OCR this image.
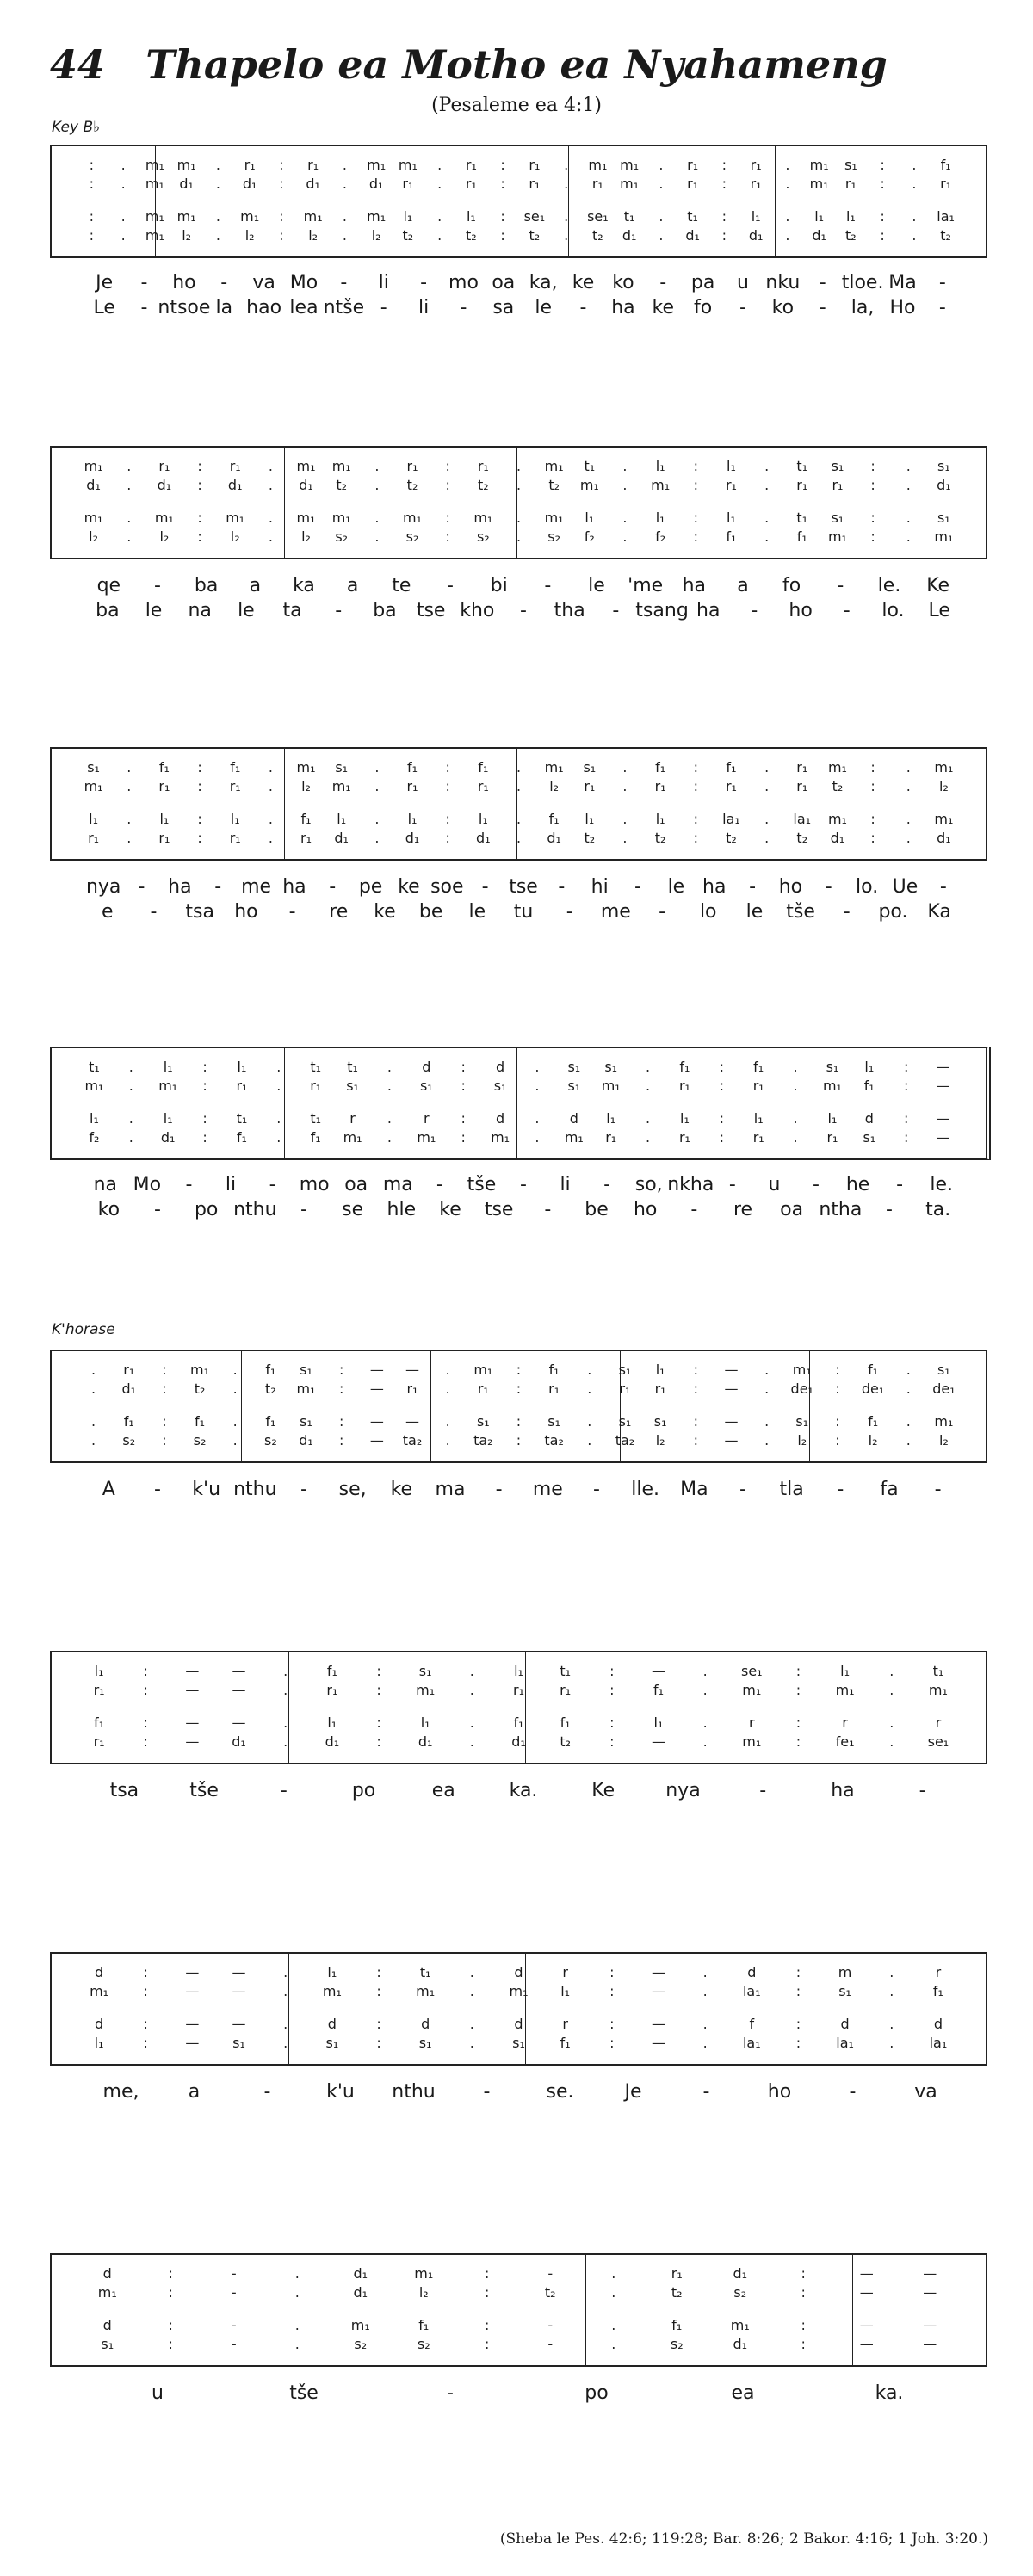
44	Thapelo ea Motho ea Nyahameng
(Pesaleme ea 4:1)
Key B♭
K'horase
: . m₁ m₁ . r₁ : r₁ . m₁ m₁ . r₁ : r₁ . m₁ m₁ . r₁ : r₁ . m₁ s₁ : . f₁
: . m₁ d₁ . d₁ : d₁ . d₁ r₁ . r₁ : r₁ . r₁ m₁ . r₁ : r₁ . m₁ r₁ : . r₁
: . m₁ m₁ . m₁ : m₁ . m₁ l₁ . l₁ : se₁ . se₁ t₁ . t₁ : l₁ . l₁ l₁ : . la₁
: . m₁ l₂ . l₂ : l₂ . l₂ t₂ . t₂ : t₂ . t₂ d₁ . d₁ : d₁ . d₁ t₂ : . t₂
Je - ho - va Mo - li - mo oa ka, ke ko - pa u nku - tloe. Ma -
Le - ntsoe la hao lea ntše - li - sa le - ha ke fo - ko - la, Ho -
m₁ . r₁ : r₁ . m₁ m₁ . r₁ : r₁ . m₁ t₁ . l₁ : l₁ . t₁ s₁ : . s₁
d₁ . d₁ : d₁ . d₁ t₂ . t₂ : t₂ . t₂ m₁ . m₁ : r₁ . r₁ r₁ : . d₁
m₁ . m₁ : m₁ . m₁ m₁ . m₁ : m₁ . m₁ l₁ . l₁ : l₁ . t₁ s₁ : . s₁
l₂ . l₂ : l₂ . l₂ s₂ . s₂ : s₂ . s₂ f₂ . f₂ : f₁ . f₁ m₁ : . m₁
qe - ba a ka a te - bi - le 'me ha a fo - le. Ke
ba le na le ta - ba tse kho - tha - tsang ha - ho - lo. Le
s₁ . f₁ : f₁ . m₁ s₁ . f₁ : f₁ . m₁ s₁ . f₁ : f₁ . r₁ m₁ : . m₁
m₁ . r₁ : r₁ . l₂ m₁ . r₁ : r₁ . l₂ r₁ . r₁ : r₁ . r₁ t₂ : . l₂
l₁ . l₁ : l₁ . f₁ l₁ . l₁ : l₁ . f₁ l₁ . l₁ : la₁ . la₁ m₁ : . m₁
r₁ . r₁ : r₁ . r₁ d₁ . d₁ : d₁ . d₁ t₂ . t₂ : t₂ . t₂ d₁ : . d₁
nya - ha - me ha - pe ke soe - tse - hi - le ha - ho - lo. Ue -
e - tsa ho - re ke be le tu - me - lo le tše - po. Ka
t₁ . l₁ : l₁ . t₁ t₁ . d : d . s₁ s₁ . f₁ : f₁ . s₁ l₁ : —
m₁ . m₁ : r₁ . r₁ s₁ . s₁ : s₁ . s₁ m₁ . r₁ : r₁ . m₁ f₁ : —
l₁ . l₁ : t₁ . t₁ r . r : d . d l₁ . l₁ : l₁ . l₁ d : —
f₂ . d₁ : f₁ . f₁ m₁ . m₁ : m₁ . m₁ r₁ . r₁ : r₁ . r₁ s₁ : —
na Mo - li - mo oa ma - tše - li - so, nkha - u - he - le.
ko - po nthu - se hle ke tse - be ho - re oa ntha - ta.
. r₁ : m₁ . f₁ s₁ : — — . m₁ : f₁ . s₁ l₁ : — . m₁ : f₁ . s₁
. d₁ : t₂ . t₂ m₁ : — r₁ . r₁ : r₁ . r₁ r₁ : — . de₁ : de₁ . de₁
. f₁ : f₁ . f₁ s₁ : — — . s₁ : s₁ . s₁ s₁ : — . s₁ : f₁ . m₁
. s₂ : s₂ . s₂ d₁ : — ta₂ . ta₂ : ta₂ . ta₂ l₂ : — . l₂ : l₂ . l₂
A - k'u nthu - se, ke ma - me - lle. Ma - tla - fa -
l₁	:	— —	.	f₁	:	s₁	.	l₁	t₁	:	—	. se₁ :	l₁	.	t₁
r₁	:	— —	.	r₁	:	m₁	.	r₁	r₁	:	f₁	.	m₁	:	m₁	.	m₁
f₁	:	— —	.	l₁	:	l₁	.	f₁	f₁	:	l₁	.	r	:	r	.	r
r₁	:	— d₁	.	d₁	:	d₁	.	d₁ t₂	:	—	.	m₁	:	fe₁	. se₁
tsa	tše	-	po	ea	ka.	Ke	nya	-	ha	-
d	:	— —	.	l₁	:	t₁	.	d	r	:	—	.	d	:	m	.	r
m₁	:	— —	.	m₁	:	m₁	.	m₁ l₁	:	—	.	la₁	:	s₁	.	f₁
d	:	— —	.	d	:	d	.	d	r	:	—	.	f	:	d	.	d
l₁	:	— s₁	.	s₁	:	s₁	.	s₁	f₁	:	—	.	la₁	:	la₁	.	la₁
me,	a	-	k'u nthu	-	se.	Je	-	ho	-	va
d	:	-	.	d₁	m₁	:	-	.	r₁	d₁	:	—	—
m₁	:	-	.	d₁	l₂	:	t₂	.	t₂	s₂	:	—	—
d	:	-	.	m₁	f₁	:	-	.	f₁	m₁	:	—	—
s₁	:	-	.	s₂	s₂	:	-	.	s₂	d₁	:	—	—
u	tše	-	po	ea	ka.
(Sheba le Pes. 42:6; 119:28; Bar. 8:26; 2 Bakor. 4:16; 1 Joh. 3:20.)
